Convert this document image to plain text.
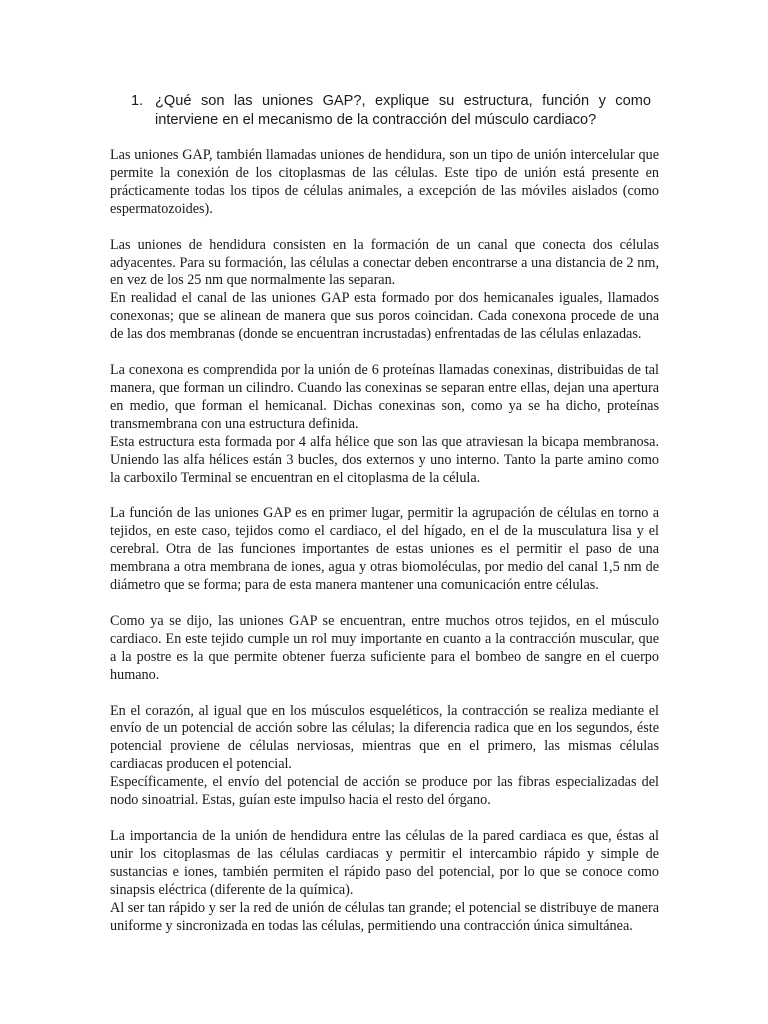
1. ¿Qué son las uniones GAP?, explique su estructura, función y como interviene en el mecanismo de la contracción del músculo cardiaco?

Las uniones GAP, también llamadas uniones de hendidura, son un tipo de unión intercelular que permite la conexión de los citoplasmas de las células. Este tipo de unión está presente en prácticamente todas los tipos de células animales, a excepción de las móviles aislados (como espermatozoides).

Las uniones de hendidura consisten en la formación de un canal que conecta dos células adyacentes. Para su formación, las células a conectar deben encontrarse a una distancia de 2 nm, en vez de los 25 nm que normalmente las separan.

En realidad el canal de las uniones GAP esta formado por dos hemicanales iguales, llamados conexonas; que se alinean de manera que sus poros coincidan. Cada conexona procede de una de las dos membranas (donde se encuentran incrustadas) enfrentadas de las células enlazadas.

La conexona es comprendida por la unión de 6 proteínas llamadas conexinas, distribuidas de tal manera, que forman un cilindro. Cuando las conexinas se separan entre ellas, dejan una apertura en medio, que forman el hemicanal. Dichas conexinas son, como ya se ha dicho, proteínas transmembrana con una estructura definida.

Esta estructura esta formada por 4 alfa hélice que son las que atraviesan la bicapa membranosa. Uniendo las alfa hélices están 3 bucles, dos externos y uno interno. Tanto la parte amino como la carboxilo Terminal se encuentran en el citoplasma de la célula.

La función de las uniones GAP es en primer lugar, permitir la agrupación de células en torno a tejidos, en este caso, tejidos como el cardiaco, el del hígado, en el de la musculatura lisa y el cerebral. Otra de las funciones importantes de estas uniones es el permitir el paso de una membrana a otra membrana de iones, agua y otras biomoléculas, por medio del canal 1,5 nm de diámetro que se forma; para de esta manera mantener una comunicación entre células.

Como ya se dijo, las uniones GAP se encuentran, entre muchos otros tejidos, en el músculo cardiaco. En este tejido cumple un rol muy importante en cuanto a la contracción muscular, que a la postre es la que permite obtener fuerza suficiente para el bombeo de sangre en el cuerpo humano.

En el corazón, al igual que en los músculos esqueléticos, la contracción se realiza mediante el envío de un potencial de acción sobre las células; la diferencia radica que en los segundos, éste potencial proviene de células nerviosas, mientras que en el primero, las mismas células cardiacas producen el potencial.

Específicamente, el envío del potencial de acción se produce por las fibras especializadas del nodo sinoatrial. Estas, guían este impulso hacia el resto del órgano.

La importancia de la unión de hendidura entre las células de la pared cardiaca es que, éstas al unir los citoplasmas de las células cardiacas y permitir el intercambio rápido y simple de sustancias e iones, también permiten el rápido paso del potencial, por lo que se conoce como sinapsis eléctrica (diferente de la química).

Al ser tan rápido y ser la red de unión de células tan grande; el potencial se distribuye de manera uniforme y sincronizada en todas las células, permitiendo una contracción única simultánea.
